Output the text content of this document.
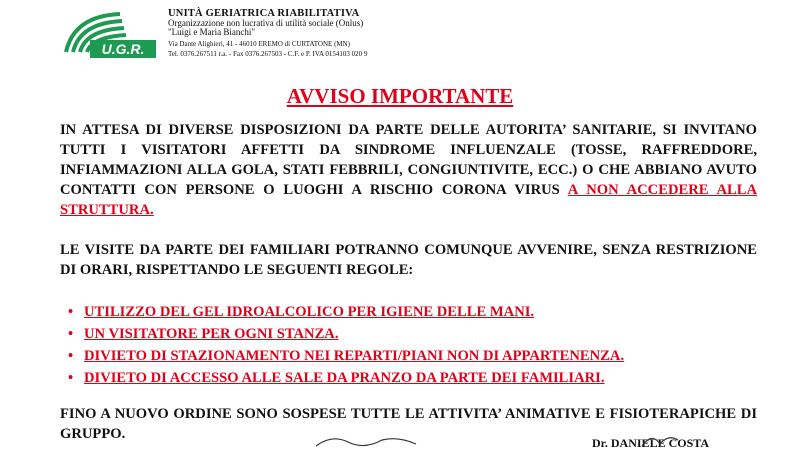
U.G.R.
UNITÀ GERIATRICA RIABILITATIVA
Organizzazione non lucrativa di utilità sociale (Onlus)
"Luigi e Maria Bianchi"
Via Dante Alighieri, 41 - 46010 EREMO di CURTATONE (MN)
Tel. 0376.267511 r.a. - Fax 0376.267503 - C.F. e P. IVA 0154103 020 9
AVVISO IMPORTANTE
IN ATTESA DI DIVERSE DISPOSIZIONI DA PARTE DELLE AUTORITA’ SANITARIE, SI INVITANO TUTTI I VISITATORI AFFETTI DA SINDROME INFLUENZALE (TOSSE, RAFFREDDORE, INFIAMMAZIONI ALLA GOLA, STATI FEBBRILI, CONGIUNTIVITE, ECC.) O CHE ABBIANO AVUTO CONTATTI CON PERSONE O LUOGHI A RISCHIO CORONA VIRUS A NON ACCEDERE ALLA STRUTTURA.
LE VISITE DA PARTE DEI FAMILIARI POTRANNO COMUNQUE AVVENIRE, SENZA RESTRIZIONE DI ORARI, RISPETTANDO LE SEGUENTI REGOLE:
• UTILIZZO DEL GEL IDROALCOLICO PER IGIENE DELLE MANI.
• UN VISITATORE PER OGNI STANZA.
• DIVIETO DI STAZIONAMENTO NEI REPARTI/PIANI NON DI APPARTENENZA.
• DIVIETO DI ACCESSO ALLE SALE DA PRANZO DA PARTE DEI FAMILIARI.
FINO A NUOVO ORDINE SONO SOSPESE TUTTE LE ATTIVITA’ ANIMATIVE E FISIOTERAPICHE DI GRUPPO.
Dr. DANIELE COSTA
